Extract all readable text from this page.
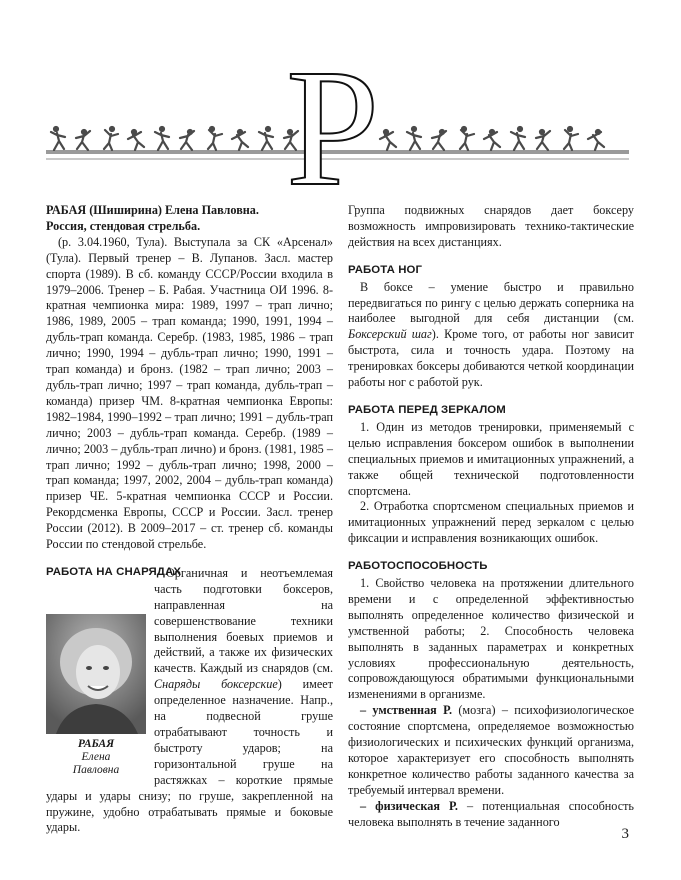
Р

РАБАЯ (Шиширина) Елена Павловна.

Россия, стендовая стрельба.

(р. 3.04.1960, Тула). Выступала за СК «Арсенал» (Тула). Первый тренер – В. Лупанов. Засл. мастер спорта (1989). В сб. команду СССР/России входила в 1979–2006. Тренер – Б. Рабая. Участница ОИ 1996. 8-кратная чемпионка мира: 1989, 1997 – трап лично; 1986, 1989, 2005 – трап команда; 1990, 1991, 1994 – дубль-трап команда. Серебр. (1983, 1985, 1986 – трап лично; 1990, 1994 – дубль-трап лично; 1990, 1991 – трап команда) и бронз. (1982 – трап лично; 2003 – дубль-трап лично; 1997 – трап команда, дубль-трап – команда) призер ЧМ. 8-кратная чемпионка Европы: 1982–1984, 1990–1992 – трап лично; 1991 – дубль-трап лично; 2003 – дубль-трап команда. Серебр. (1989 – лично; 2003 – дубль-трап лично) и бронз. (1981, 1985 – трап лично; 1992 – дубль-трап лично; 1998, 2000 – трап команда; 1997, 2002, 2004 – дубль-трап команда) призер ЧЕ. 5-кратная чемпионка СССР и России. Рекордсменка Европы, СССР и России. Засл. тренер России (2012). В 2009–2017 – ст. тренер сб. команды России по стендовой стрельбе.

РАБОТА НА СНАРЯДАХ

РАБАЯ
Елена
Павловна

Органичная и неотъемлемая часть подготовки боксеров, направленная на совершенствование техники выполнения боевых приемов и действий, а также их физических качеств. Каждый из снарядов (см. Снаряды боксерские) имеет определенное назначение. Напр., на подвесной груше отрабатывают точность и быстроту ударов; на горизонтальной груше на растяжках – короткие прямые удары и удары снизу; по груше, закрепленной на пружине, удобно отрабатывать прямые и боковые удары.

Группа подвижных снарядов дает боксеру возможность импровизировать технико-тактические действия на всех дистанциях.

РАБОТА НОГ

В боксе – умение быстро и правильно передвигаться по рингу с целью держать соперника на наиболее выгодной для себя дистанции (см. Боксерский шаг). Кроме того, от работы ног зависит быстрота, сила и точность удара. Поэтому на тренировках боксеры добиваются четкой координации работы ног с работой рук.

РАБОТА ПЕРЕД ЗЕРКАЛОМ

1. Один из методов тренировки, применяемый с целью исправления боксером ошибок в выполнении специальных приемов и имитационных упражнений, а также общей технической подготовленности спортсмена.

2. Отработка спортсменом специальных приемов и имитационных упражнений перед зеркалом с целью фиксации и исправления возникающих ошибок.

РАБОТОСПОСОБНОСТЬ

1. Свойство человека на протяжении длительного времени и с определенной эффективностью выполнять определенное количество физической и умственной работы; 2. Способность человека выполнять в заданных параметрах и конкретных условиях профессиональную деятельность, сопровождающуюся обратимыми функциональными изменениями в организме.

– умственная Р. (мозга) – психофизиологическое состояние спортсмена, определяемое возможностью физиологических и психических функций организма, которое характеризует его способность выполнять конкретное количество работы заданного качества за требуемый интервал времени.

– физическая Р. – потенциальная способность человека выполнять в течение заданного

3
